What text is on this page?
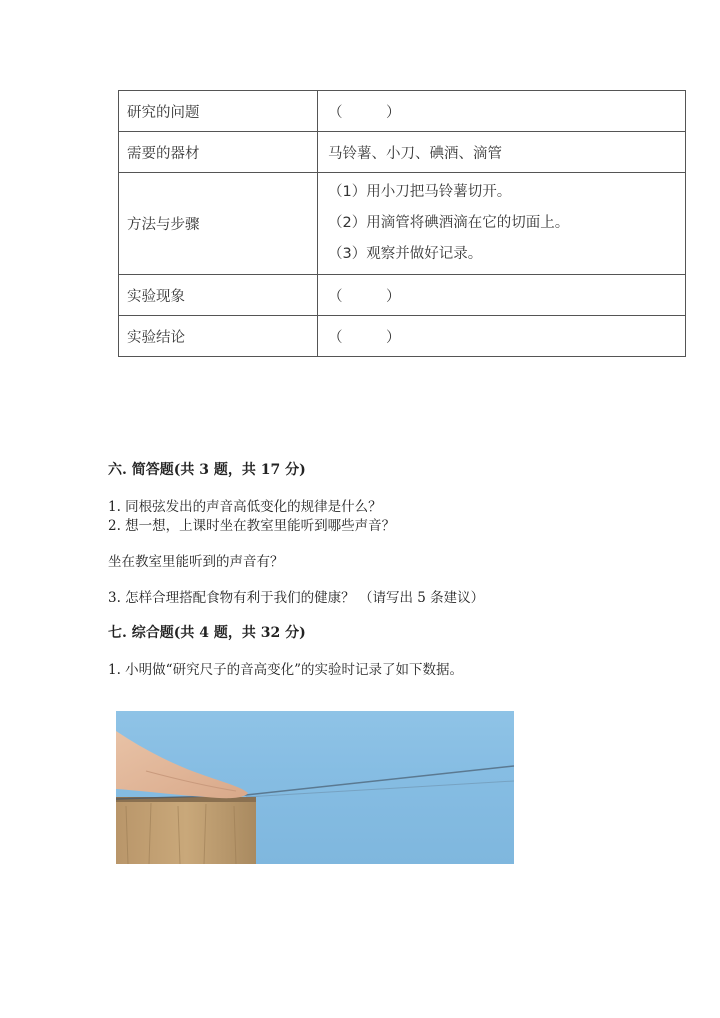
研究的问题	（　　　）
需要的器材	马铃薯、小刀、碘酒、滴管
方法与步骤	（1）用小刀把马铃薯切开。
（2）用滴管将碘酒滴在它的切面上。
（3）观察并做好记录。

实验现象	（　　　）
实验结论	（　　　）
六. 简答题(共 3 题，共 17 分)
1. 同根弦发出的声音高低变化的规律是什么？
2. 想一想，上课时坐在教室里能听到哪些声音？
坐在教室里能听到的声音有？
3. 怎样合理搭配食物有利于我们的健康？ （请写出 5 条建议）
七. 综合题(共 4 题，共 32 分)
1. 小明做“研究尺子的音高变化”的实验时记录了如下数据。
